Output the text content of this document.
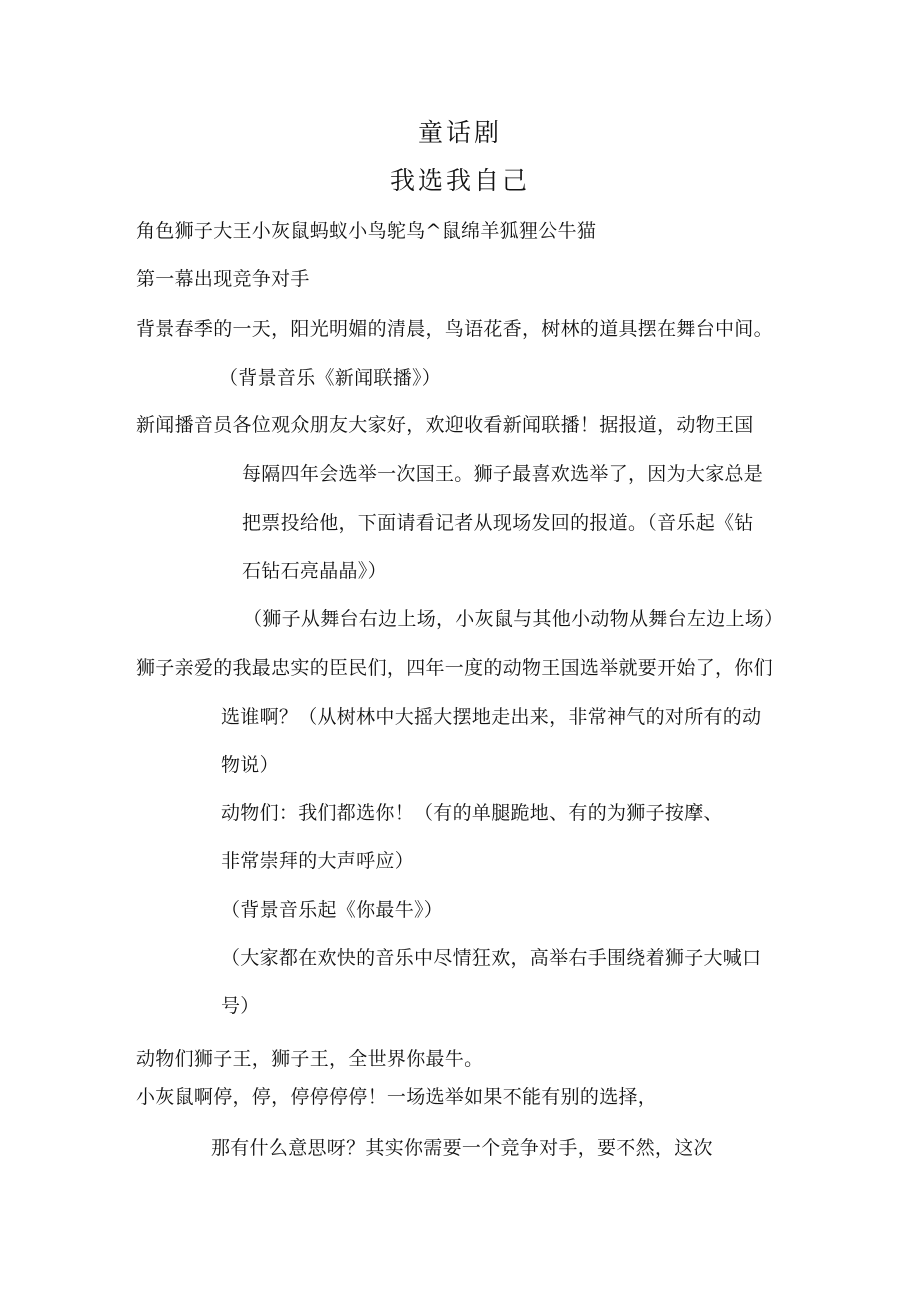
童话剧
我选我自己
角色狮子大王小灰鼠蚂蚁小鸟鸵鸟^鼠绵羊狐狸公牛猫
第一幕出现竞争对手
背景春季的一天，阳光明媚的清晨，鸟语花香，树林的道具摆在舞台中间。
（背景音乐《新闻联播》）
新闻播音员各位观众朋友大家好，欢迎收看新闻联播！据报道，动物王国
每隔四年会选举一次国王。狮子最喜欢选举了，因为大家总是
把票投给他，下面请看记者从现场发回的报道。（音乐起《钻
石钻石亮晶晶》）
（狮子从舞台右边上场，小灰鼠与其他小动物从舞台左边上场）
狮子亲爱的我最忠实的臣民们，四年一度的动物王国选举就要开始了，你们
选谁啊？（从树林中大摇大摆地走出来，非常神气的对所有的动
物说）
动物们：我们都选你！（有的单腿跪地、有的为狮子按摩、
非常崇拜的大声呼应）
（背景音乐起《你最牛》）
（大家都在欢快的音乐中尽情狂欢，高举右手围绕着狮子大喊口
号）
动物们狮子王，狮子王，全世界你最牛。
小灰鼠啊停，停，停停停停！一场选举如果不能有别的选择，
那有什么意思呀？其实你需要一个竞争对手，要不然，这次
